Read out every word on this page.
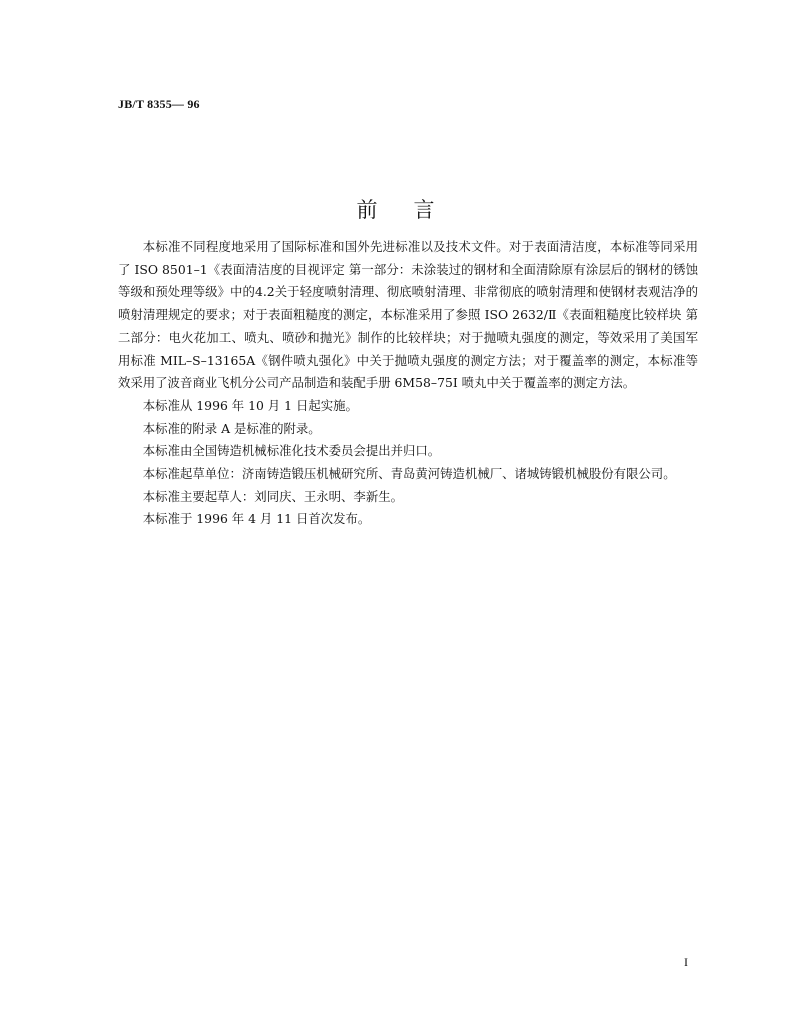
JB/T 8355— 96
前言

本标准不同程度地采用了国际标准和国外先进标准以及技术文件。对于表面清洁度，本标准等同采用了 ISO 8501–1《表面清洁度的目视评定 第一部分：未涂装过的钢材和全面清除原有涂层后的钢材的锈蚀等级和预处理等级》中的4.2关于轻度喷射清理、彻底喷射清理、非常彻底的喷射清理和使钢材表观洁净的喷射清理规定的要求；对于表面粗糙度的测定，本标准采用了参照 ISO 2632/Ⅱ《表面粗糙度比较样块 第二部分：电火花加工、喷丸、喷砂和抛光》制作的比较样块；对于抛喷丸强度的测定，等效采用了美国军用标准 MIL–S–13165A《钢件喷丸强化》中关于抛喷丸强度的测定方法；对于覆盖率的测定，本标准等效采用了波音商业飞机分公司产品制造和装配手册 6M58–75I 喷丸中关于覆盖率的测定方法。

本标准从 1996 年 10 月 1 日起实施。

本标准的附录 A 是标准的附录。

本标准由全国铸造机械标准化技术委员会提出并归口。

本标准起草单位：济南铸造锻压机械研究所、青岛黄河铸造机械厂、诸城铸锻机械股份有限公司。

本标准主要起草人：刘同庆、王永明、李新生。

本标准于 1996 年 4 月 11 日首次发布。

I
